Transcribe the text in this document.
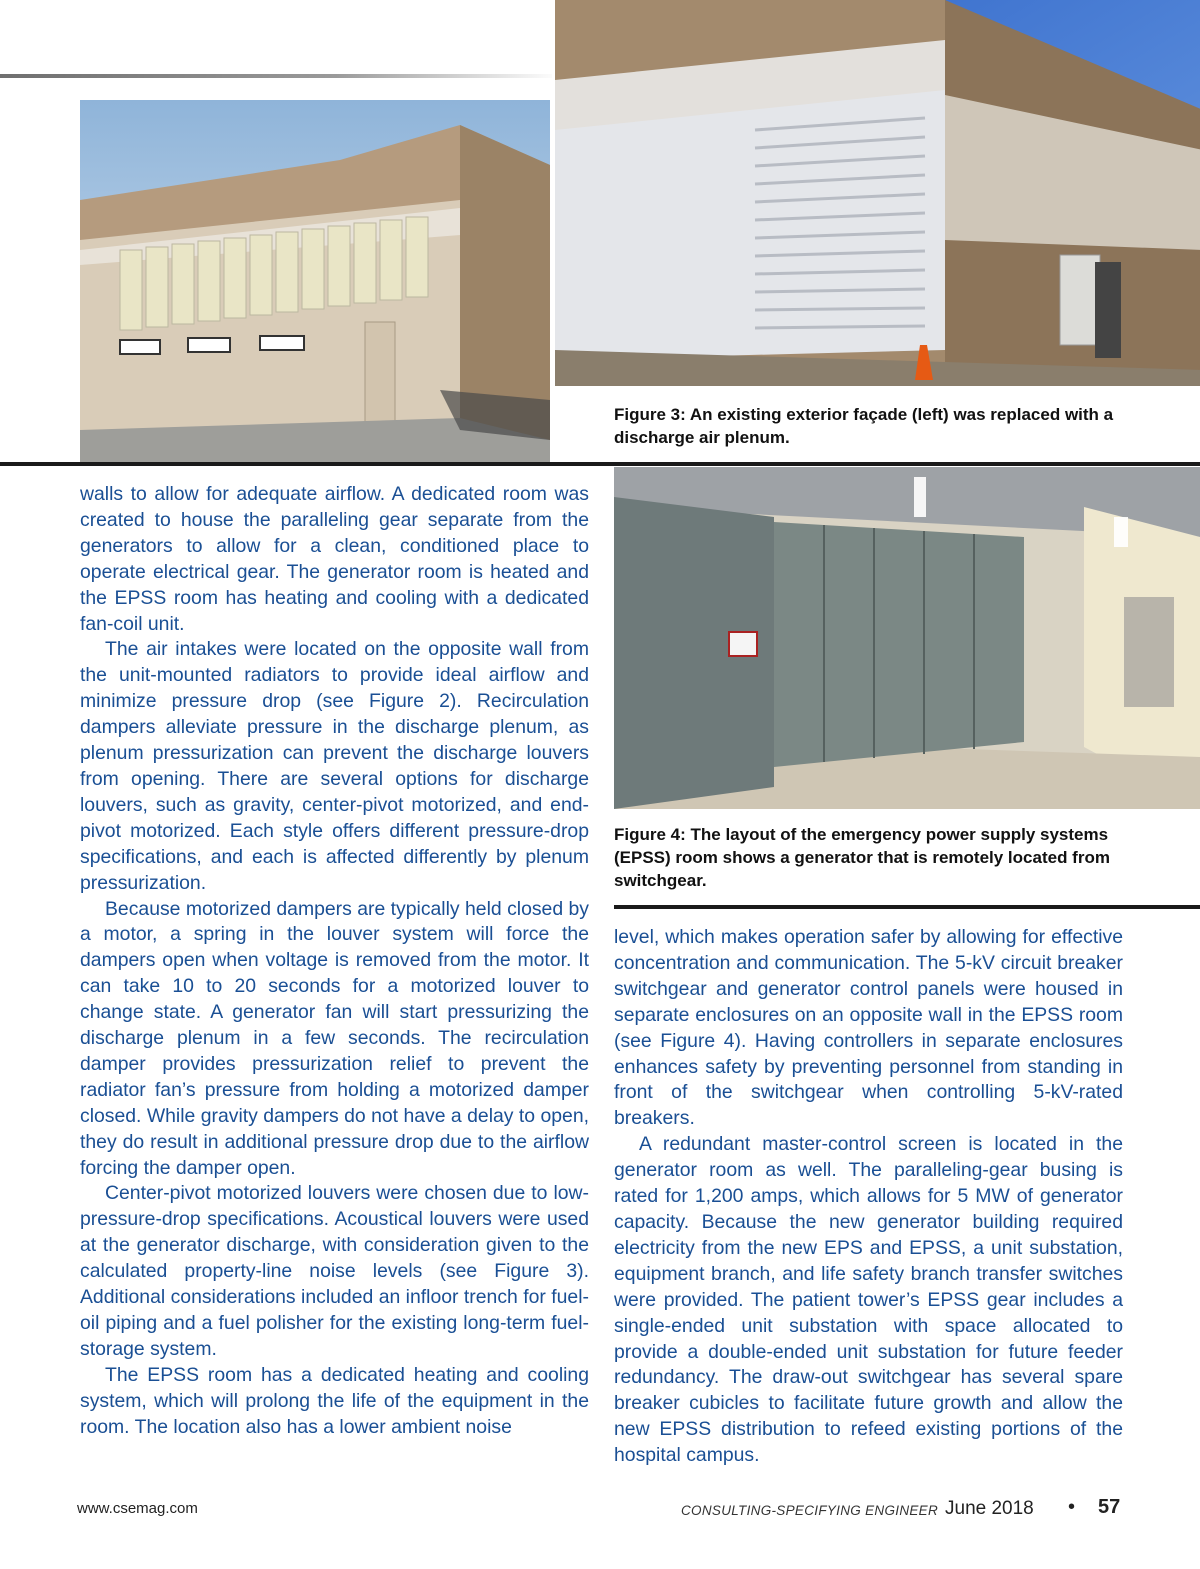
Figure 3: An existing exterior façade (left) was replaced with a discharge air plenum.
Figure 4: The layout of the emergency power supply systems (EPSS) room shows a generator that is remotely located from switchgear.

walls to allow for adequate airflow. A dedicated room was created to house the paralleling gear separate from the generators to allow for a clean, conditioned place to operate electrical gear. The generator room is heated and the EPSS room has heating and cooling with a dedicated fan-coil unit.

The air intakes were located on the opposite wall from the unit-mounted radiators to provide ideal airflow and minimize pressure drop (see Figure 2). Recirculation dampers alleviate pressure in the discharge plenum, as plenum pressurization can prevent the discharge louvers from opening. There are several options for discharge louvers, such as gravity, center-pivot motorized, and end-pivot motorized. Each style offers different pressure-drop specifications, and each is affected differently by plenum pressurization.

Because motorized dampers are typically held closed by a motor, a spring in the louver system will force the dampers open when voltage is removed from the motor. It can take 10 to 20 seconds for a motorized louver to change state. A generator fan will start pressurizing the discharge plenum in a few seconds. The recirculation damper provides pressurization relief to prevent the radiator fan’s pressure from holding a motorized damper closed. While gravity dampers do not have a delay to open, they do result in additional pressure drop due to the airflow forcing the damper open.

Center-pivot motorized louvers were chosen due to low-pressure-drop specifications. Acoustical louvers were used at the generator discharge, with consideration given to the calculated property-line noise levels (see Figure 3). Additional considerations included an infloor trench for fuel-oil piping and a fuel polisher for the existing long-term fuel-storage system.

The EPSS room has a dedicated heating and cooling system, which will prolong the life of the equipment in the room. The location also has a lower ambient noise

level, which makes operation safer by allowing for effective concentration and communication. The 5-kV circuit breaker switchgear and generator control panels were housed in separate enclosures on an opposite wall in the EPSS room (see Figure 4). Having controllers in separate enclosures enhances safety by preventing personnel from standing in front of the switchgear when controlling 5-kV-rated breakers.

A redundant master-control screen is located in the generator room as well. The paralleling-gear busing is rated for 1,200 amps, which allows for 5 MW of generator capacity. Because the new generator building required electricity from the new EPS and EPSS, a unit substation, equipment branch, and life safety branch transfer switches were provided. The patient tower’s EPSS gear includes a single-ended unit substation with space allocated to provide a double-ended unit substation for future feeder redundancy. The draw-out switchgear has several spare breaker cubicles to facilitate future growth and allow the new EPSS distribution to refeed existing portions of the hospital campus.

www.csemag.com	CONSULTING-SPECIFYING ENGINEER June 2018 • 57
